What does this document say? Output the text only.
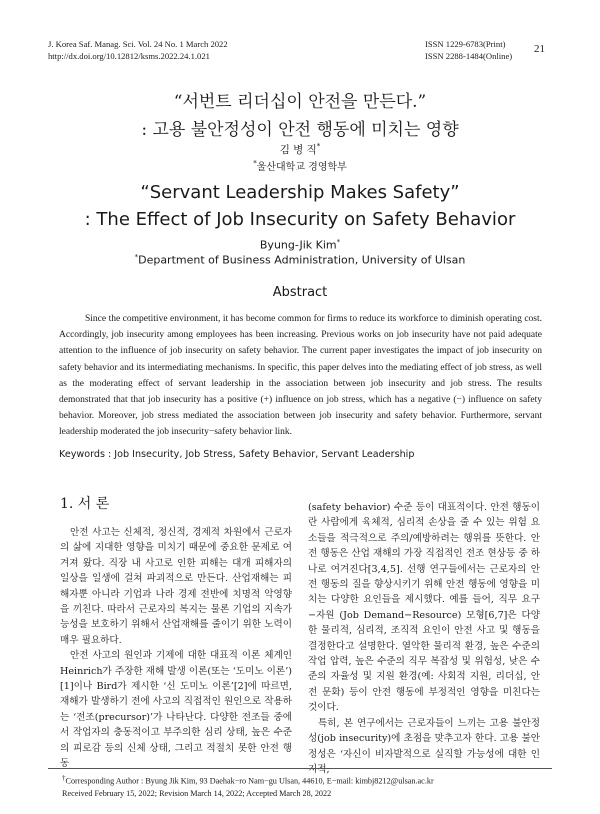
J. Korea Saf. Manag. Sci. Vol. 24 No. 1 March 2022
http://dx.doi.org/10.12812/ksms.2022.24.1.021
ISSN 1229-6783(Print)
ISSN 2288-1484(Online)
21
“서번트 리더십이 안전을 만든다.”
: 고용 불안정성이 안전 행동에 미치는 영향
김 병 직*
*울산대학교 경영학부
“Servant Leadership Makes Safety”
: The Effect of Job Insecurity on Safety Behavior
Byung-Jik Kim*
*Department of Business Administration, University of Ulsan
Abstract

Since the competitive environment, it has become common for firms to reduce its workforce to diminish operating cost. Accordingly, job insecurity among employees has been increasing. Previous works on job insecurity have not paid adequate attention to the influence of job insecurity on safety behavior. The current paper investigates the impact of job insecurity on safety behavior and its intermediating mechanisms. In specific, this paper delves into the mediating effect of job stress, as well as the moderating effect of servant leadership in the association between job insecurity and job stress. The results demonstrated that that job insecurity has a positive (+) influence on job stress, which has a negative (−) influence on safety behavior. Moreover, job stress mediated the association between job insecurity and safety behavior. Furthermore, servant leadership moderated the job insecurity−safety behavior link.

Keywords : Job Insecurity, Job Stress, Safety Behavior, Servant Leadership
1. 서 론

안전 사고는 신체적, 정신적, 경제적 차원에서 근로자의 삶에 지대한 영향을 미치기 때문에 중요한 문제로 여겨져 왔다. 직장 내 사고로 인한 피해는 대개 피해자의 일상을 일생에 걸쳐 파괴적으로 만든다. 산업재해는 피해자뿐 아니라 기업과 나라 경제 전반에 치명적 악영향을 끼친다. 따라서 근로자의 복지는 물론 기업의 지속가능성을 보호하기 위해서 산업재해를 줄이기 위한 노력이 매우 필요하다.

안전 사고의 원인과 기제에 대한 대표적 이론 체계인 Heinrich가 주장한 재해 발생 이론(또는 ‘도미노 이론’) [1]이나 Bird가 제시한 ‘신 도미노 이론’[2]에 따르면, 재해가 발생하기 전에 사고의 직접적인 원인으로 작용하는 ‘전조(precursor)’가 나타난다. 다양한 전조들 중에서 작업자의 충동적이고 부주의한 심리 상태, 높은 수준의 피로감 등의 신체 상태, 그리고 적절치 못한 안전 행동

(safety behavior) 수준 등이 대표적이다. 안전 행동이란 사람에게 육체적, 심리적 손상을 줄 수 있는 위험 요소들을 적극적으로 주의/예방하려는 행위를 뜻한다. 안전 행동은 산업 재해의 가장 직접적인 전조 현상등 중 하나로 여겨진다[3,4,5]. 선행 연구들에서는 근로자의 안전 행동의 질을 향상시키기 위해 안전 행동에 영향을 미치는 다양한 요인들을 제시했다. 예를 들어, 직무 요구−자원 (Job Demand−Resource) 모형[6,7]은 다양한 물리적, 심리적, 조직적 요인이 안전 사고 및 행동을 결정한다고 설명한다. 열악한 물리적 환경, 높은 수준의 작업 압력, 높은 수준의 직무 복잡성 및 위험성, 낮은 수준의 자율성 및 지원 환경(예: 사회적 지원, 리더십, 안전 문화) 등이 안전 행동에 부정적인 영향을 미친다는 것이다.

특히, 본 연구에서는 근로자들이 느끼는 고용 불안정성(job insecurity)에 초점을 맞추고자 한다. 고용 불안정성은 ‘자신이 비자발적으로 실직할 가능성에 대한 인지적,

†Corresponding Author : Byung Jik Kim, 93 Daehak−ro Nam−gu Ulsan, 44610, E−mail: kimbj8212@ulsan.ac.kr
Received February 15, 2022; Revision March 14, 2022; Accepted March 28, 2022
